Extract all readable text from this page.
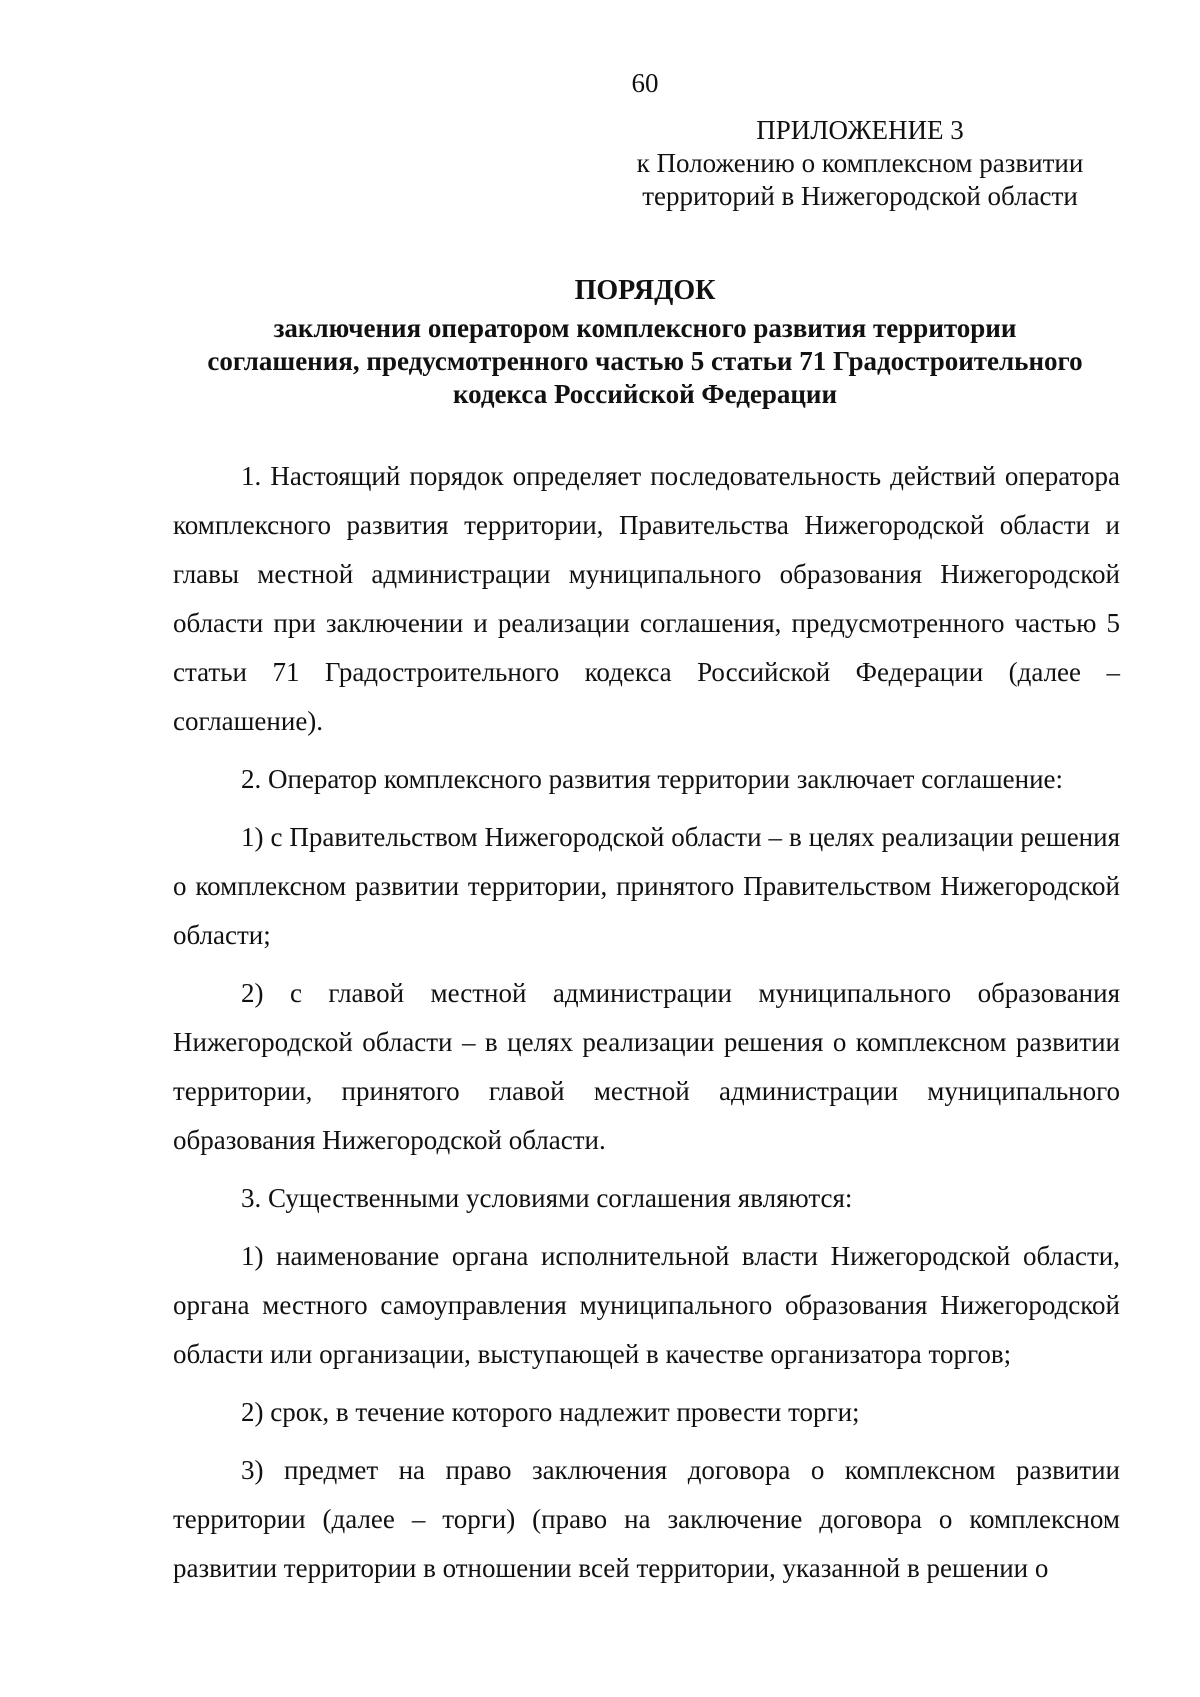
60
ПРИЛОЖЕНИЕ 3
к Положению о комплексном развитии
территорий в Нижегородской области
ПОРЯДОК
заключения оператором комплексного развития территории
соглашения, предусмотренного частью 5 статьи 71 Градостроительного
кодекса Российской Федерации

1. Настоящий порядок определяет последовательность действий оператора комплексного развития территории, Правительства Нижегородской области и главы местной администрации муниципального образования Нижегородской области при заключении и реализации соглашения, предусмотренного частью 5 статьи 71 Градостроительного кодекса Российской Федерации (далее – соглашение).

2. Оператор комплексного развития территории заключает соглашение:

1) с Правительством Нижегородской области – в целях реализации решения о комплексном развитии территории, принятого Правительством Нижегородской области;

2) с главой местной администрации муниципального образования Нижегородской области – в целях реализации решения о комплексном развитии территории, принятого главой местной администрации муниципального образования Нижегородской области.

3. Существенными условиями соглашения являются:

1) наименование органа исполнительной власти Нижегородской области, органа местного самоуправления муниципального образования Нижегородской области или организации, выступающей в качестве организатора торгов;

2) срок, в течение которого надлежит провести торги;

3) предмет на право заключения договора о комплексном развитии территории (далее – торги) (право на заключение договора о комплексном развитии территории в отношении всей территории, указанной в решении о
